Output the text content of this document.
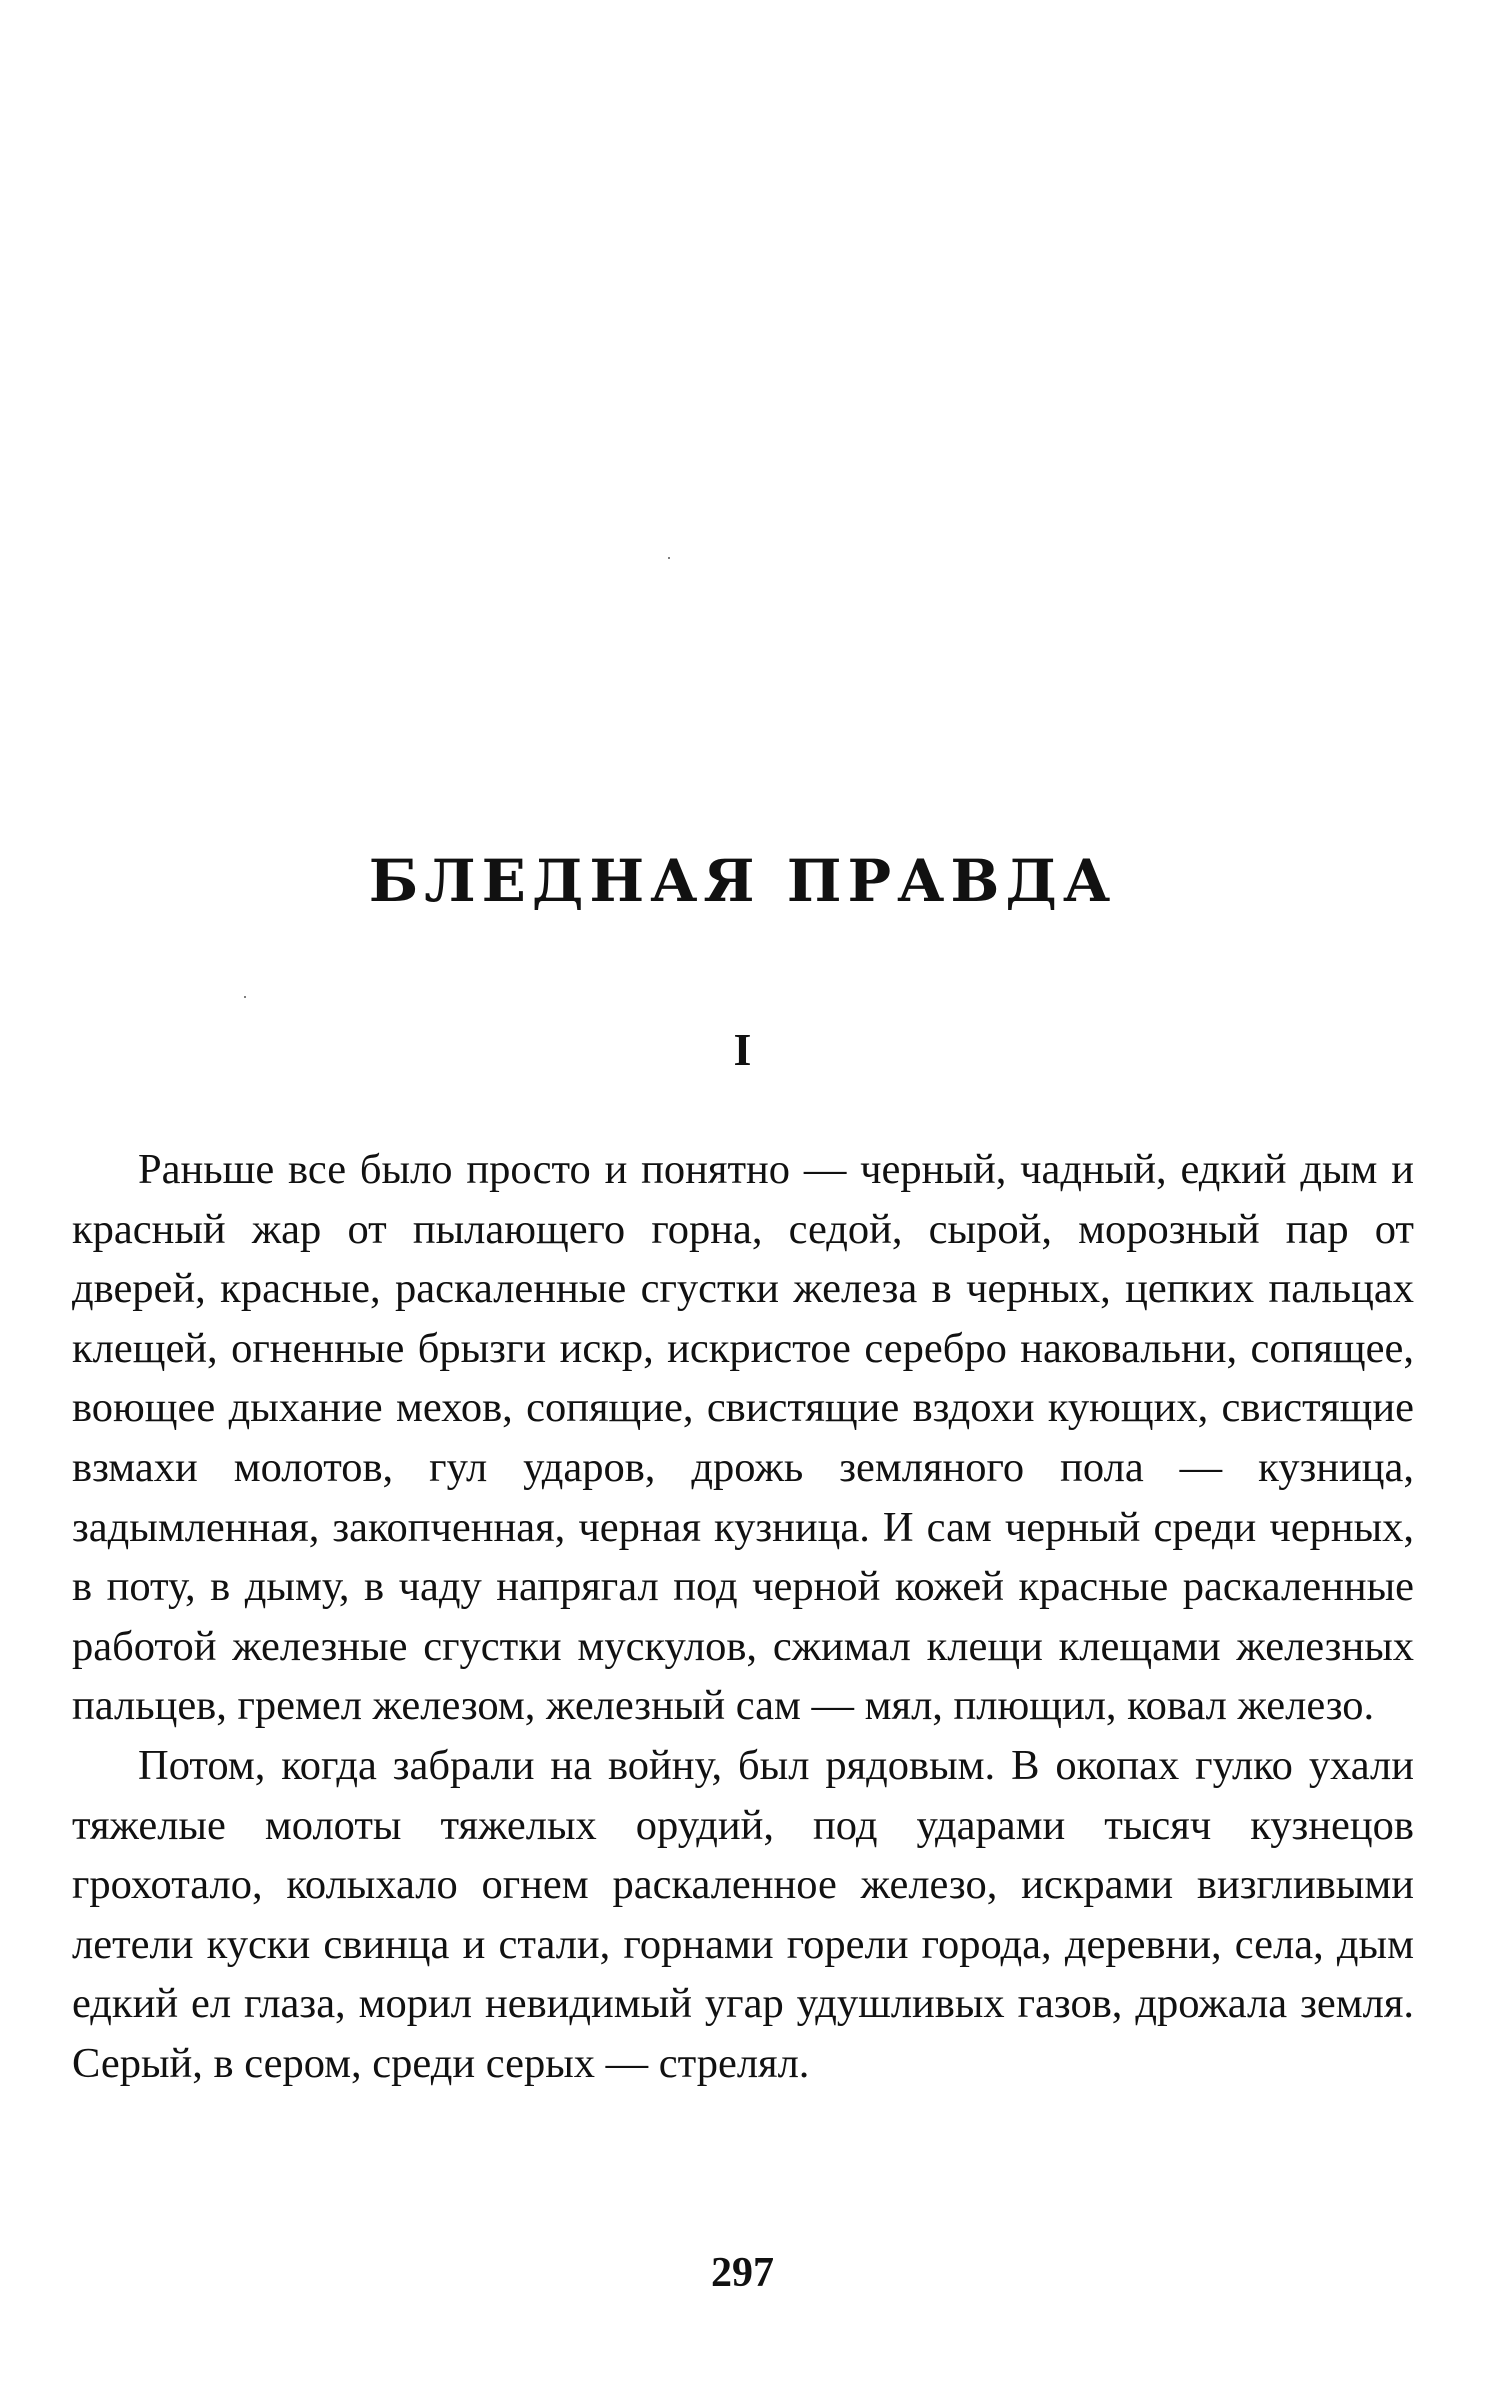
БЛЕДНАЯ ПРАВДА
I

Раньше все было просто и понятно — черный, чадный, едкий дым и красный жар от пылающего горна, седой, сырой, морозный пар от дверей, красные, раскаленные сгустки железа в черных, цепких пальцах клещей, огненные брызги искр, искристое серебро наковальни, сопящее, воющее дыхание мехов, сопящие, свистящие вздохи кующих, свистящие взмахи молотов, гул ударов, дрожь земляного пола — кузница, задымленная, закопченная, черная кузница. И сам черный среди черных, в поту, в дыму, в чаду напрягал под черной кожей красные раскаленные работой железные сгустки мускулов, сжимал клещи клещами железных пальцев, гремел железом, железный сам — мял, плющил, ковал железо.

Потом, когда забрали на войну, был рядовым. В окопах гулко ухали тяжелые молоты тяжелых орудий, под ударами тысяч кузнецов грохотало, колыхало огнем раскаленное железо, искрами визгливыми летели куски свинца и стали, горнами горели города, деревни, села, дым едкий ел глаза, морил невидимый угар удушливых газов, дрожала земля. Серый, в сером, среди серых — стрелял.

297
